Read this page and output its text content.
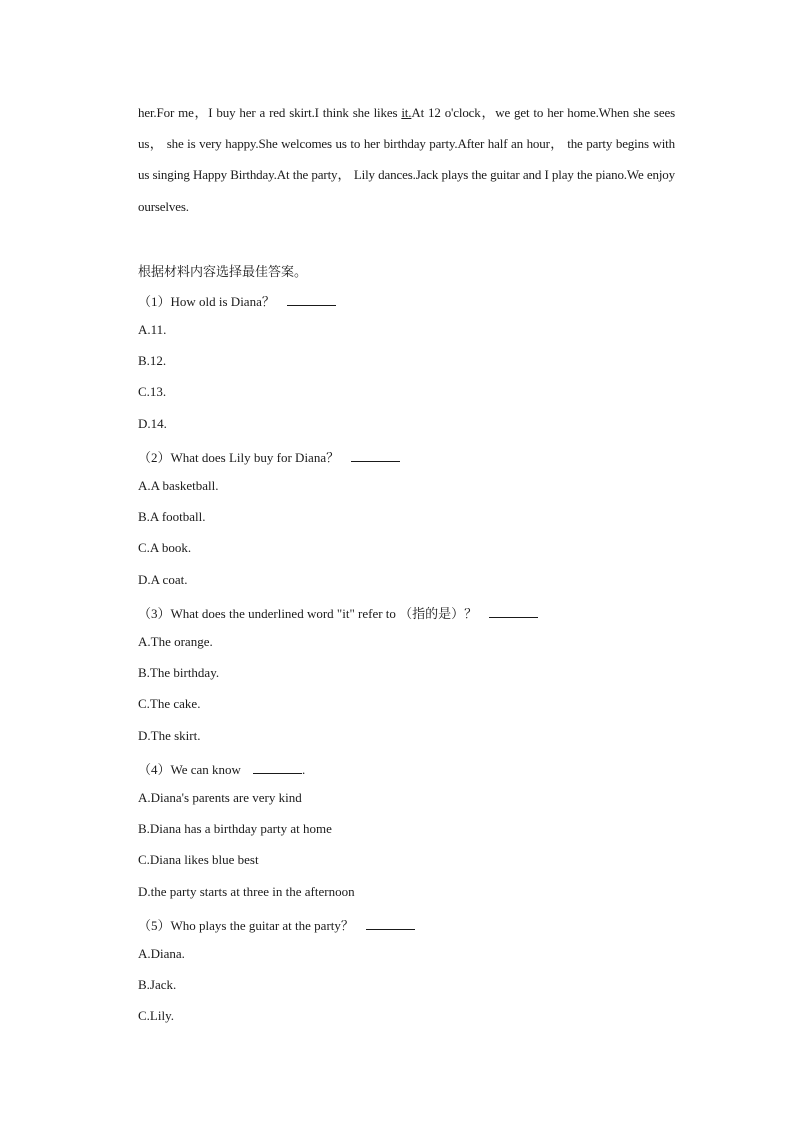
her.For me，I buy her a red skirt.I think she likes it.At 12 o'clock，we get to her home.When she sees us， she is very happy.She welcomes us to her birthday party.After half an hour， the party begins with us singing Happy Birthday.At the party， Lily dances.Jack plays the guitar and I play the piano.We enjoy ourselves.
根据材料内容选择最佳答案。
（1）How old is Diana？
A.11.
B.12.
C.13.
D.14.
（2）What does Lily buy for Diana？
A.A basketball.
B.A football.
C.A book.
D.A coat.
（3）What does the underlined word "it" refer to （指的是）？
A.The orange.
B.The birthday.
C.The cake.
D.The skirt.
（4）We can know	.
A.Diana's parents are very kind
B.Diana has a birthday party at home
C.Diana likes blue best
D.the party starts at three in the afternoon
（5）Who plays the guitar at the party？
A.Diana.
B.Jack.
C.Lily.
